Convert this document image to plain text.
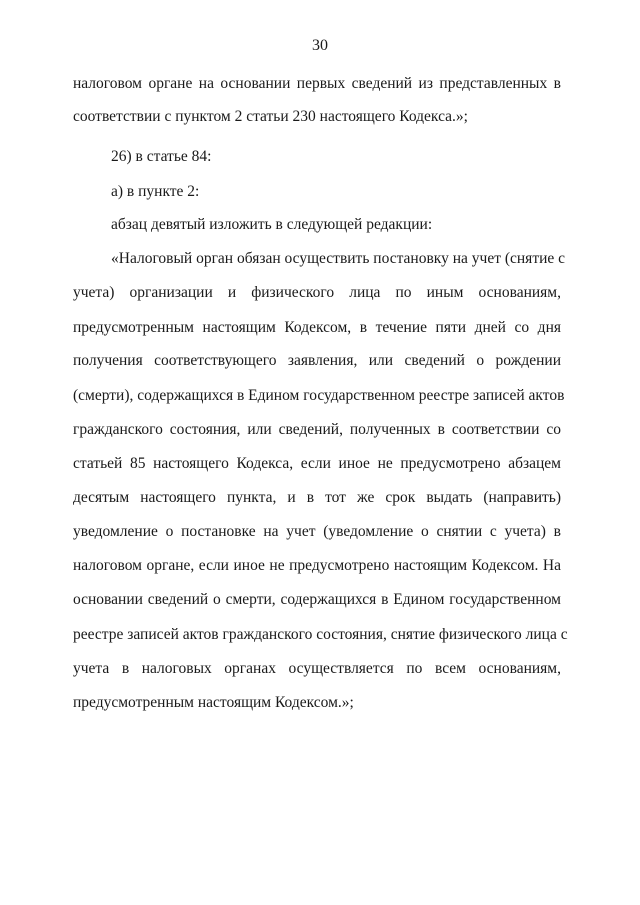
30
налоговом органе на основании первых сведений из представленных в
соответствии с пунктом 2 статьи 230 настоящего Кодекса.»;
26) в статье 84:
а) в пункте 2:
абзац девятый изложить в следующей редакции:
«Налоговый орган обязан осуществить постановку на учет (снятие с
учета) организации и физического лица по иным основаниям,
предусмотренным настоящим Кодексом, в течение пяти дней со дня
получения соответствующего заявления, или сведений о рождении
(смерти), содержащихся в Едином государственном реестре записей актов
гражданского состояния, или сведений, полученных в соответствии со
статьей 85 настоящего Кодекса, если иное не предусмотрено абзацем
десятым настоящего пункта, и в тот же срок выдать (направить)
уведомление о постановке на учет (уведомление о снятии с учета) в
налоговом органе, если иное не предусмотрено настоящим Кодексом. На
основании сведений о смерти, содержащихся в Едином государственном
реестре записей актов гражданского состояния, снятие физического лица с
учета в налоговых органах осуществляется по всем основаниям,
предусмотренным настоящим Кодексом.»;
